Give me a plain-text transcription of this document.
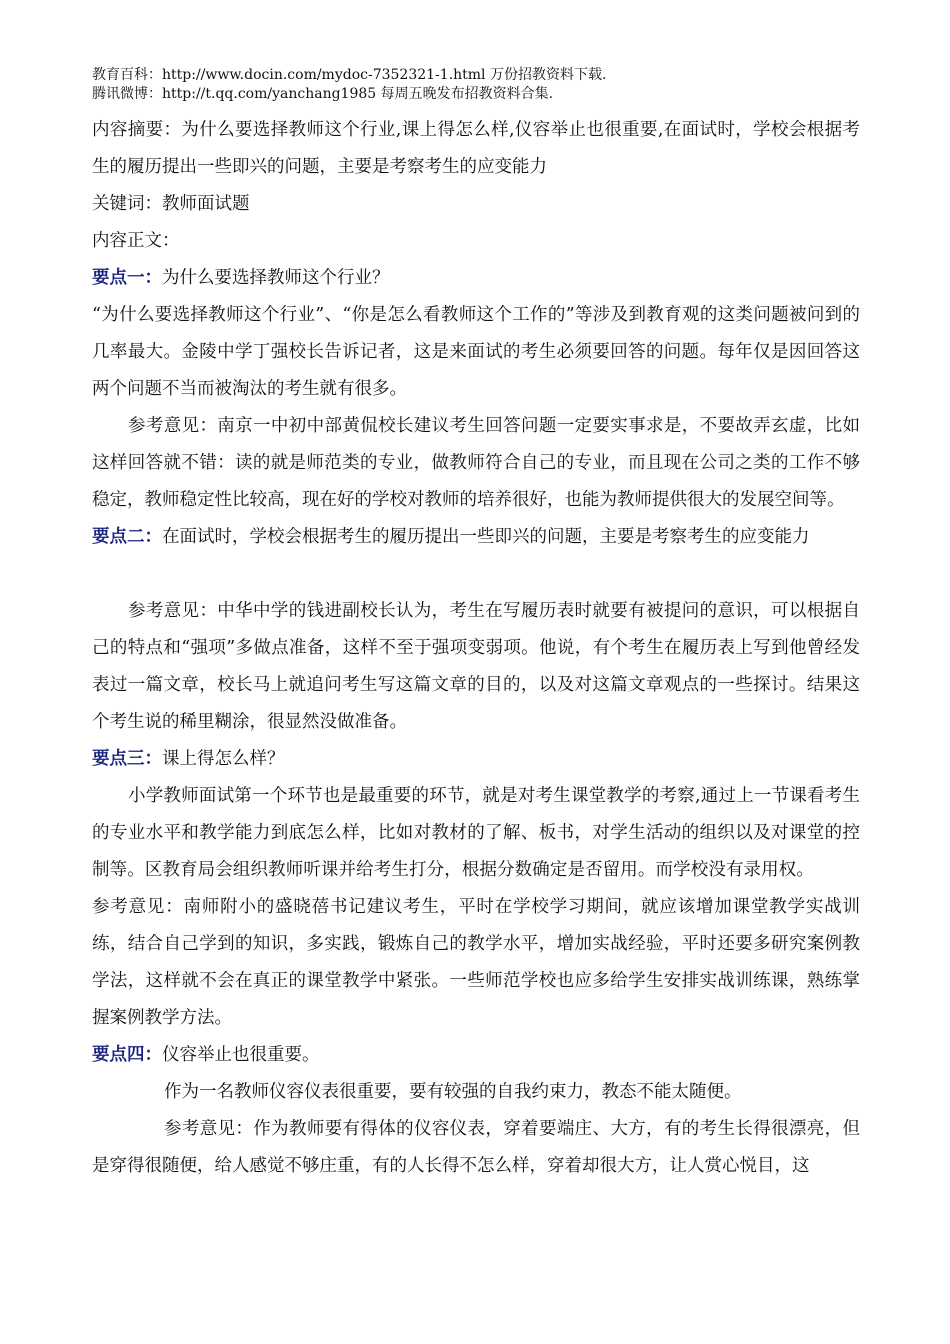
教育百科：http://www.docin.com/mydoc-7352321-1.html 万份招教资料下载.
腾讯微博：http://t.qq.com/yanchang1985 每周五晚发布招教资料合集.

内容摘要：为什么要选择教师这个行业,课上得怎么样,仪容举止也很重要,在面试时，学校会根据考生的履历提出一些即兴的问题，主要是考察考生的应变能力

关键词：教师面试题

内容正文：

要点一：为什么要选择教师这个行业？

“为什么要选择教师这个行业”、“你是怎么看教师这个工作的”等涉及到教育观的这类问题被问到的几率最大。金陵中学丁强校长告诉记者，这是来面试的考生必须要回答的问题。每年仅是因回答这两个问题不当而被淘汰的考生就有很多。

参考意见：南京一中初中部黄侃校长建议考生回答问题一定要实事求是，不要故弄玄虚，比如这样回答就不错：读的就是师范类的专业，做教师符合自己的专业，而且现在公司之类的工作不够稳定，教师稳定性比较高，现在好的学校对教师的培养很好，也能为教师提供很大的发展空间等。

要点二：在面试时，学校会根据考生的履历提出一些即兴的问题，主要是考察考生的应变能力

参考意见：中华中学的钱进副校长认为，考生在写履历表时就要有被提问的意识，可以根据自己的特点和“强项”多做点准备，这样不至于强项变弱项。他说，有个考生在履历表上写到他曾经发表过一篇文章，校长马上就追问考生写这篇文章的目的，以及对这篇文章观点的一些探讨。结果这个考生说的稀里糊涂，很显然没做准备。

要点三：课上得怎么样？

小学教师面试第一个环节也是最重要的环节，就是对考生课堂教学的考察,通过上一节课看考生的专业水平和教学能力到底怎么样，比如对教材的了解、板书，对学生活动的组织以及对课堂的控制等。区教育局会组织教师听课并给考生打分，根据分数确定是否留用。而学校没有录用权。参考意见：南师附小的盛晓蓓书记建议考生，平时在学校学习期间，就应该增加课堂教学实战训练，结合自己学到的知识，多实践，锻炼自己的教学水平，增加实战经验，平时还要多研究案例教学法，这样就不会在真正的课堂教学中紧张。一些师范学校也应多给学生安排实战训练课，熟练掌握案例教学方法。

要点四：仪容举止也很重要。

作为一名教师仪容仪表很重要，要有较强的自我约束力，教态不能太随便。

参考意见：作为教师要有得体的仪容仪表，穿着要端庄、大方，有的考生长得很漂亮，但是穿得很随便，给人感觉不够庄重，有的人长得不怎么样，穿着却很大方，让人赏心悦目，这
